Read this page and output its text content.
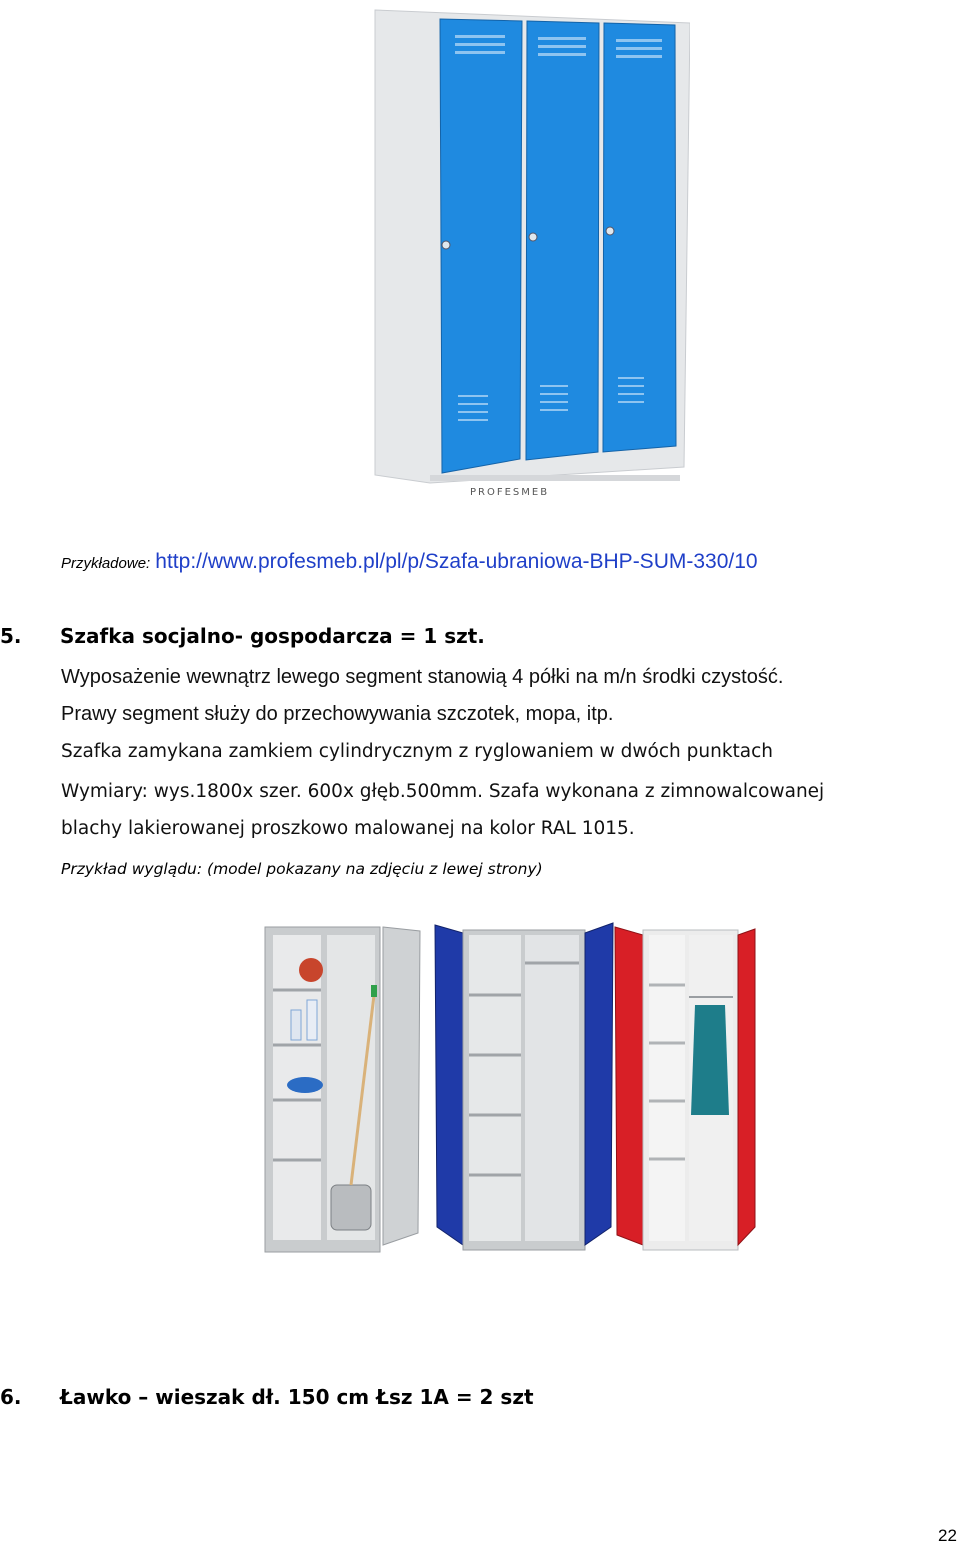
PROFESMEB
Przykładowe: http://www.profesmeb.pl/pl/p/Szafa-ubraniowa-BHP-SUM-330/10
5. Szafka socjalno- gospodarcza = 1 szt.
Wyposażenie wewnątrz lewego segment stanowią 4 półki na m/n środki czystość.
Prawy segment służy do przechowywania szczotek, mopa, itp.
Szafka zamykana zamkiem cylindrycznym z ryglowaniem w dwóch punktach
Wymiary: wys.1800x szer. 600x głęb.500mm. Szafa wykonana z zimnowalcowanej
blachy lakierowanej proszkowo malowanej na kolor RAL 1015.
Przykład wyglądu: (model pokazany na zdjęciu z lewej strony)
6. Ławko – wieszak dł. 150 cm Łsz 1A = 2 szt
22
